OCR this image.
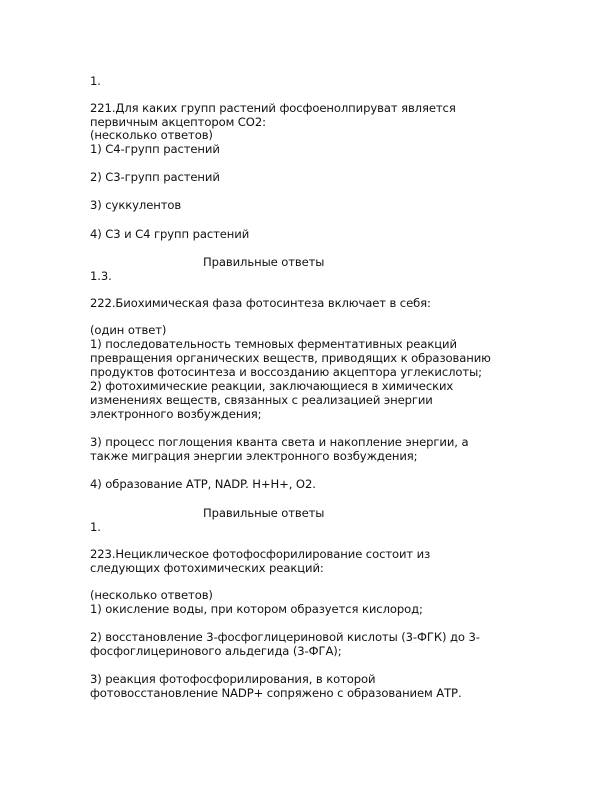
1.
221.Для каких групп растений фосфоенолпируват является
первичным акцептором СО2:
(несколько ответов)
1) С4-групп растений
2) С3-групп растений
3) суккулентов
4) С3 и С4 групп растений
Правильные ответы
1.3.
222.Биохимическая фаза фотосинтеза включает в себя:
(один ответ)
1) последовательность темновых ферментативных реакций
превращения органических веществ, приводящих к образованию
продуктов фотосинтеза и воссозданию акцептора углекислоты;
2) фотохимические реакции, заключающиеся в химических
изменениях веществ, связанных с реализацией энергии
электронного возбуждения;
3) процесс поглощения кванта света и накопление энергии, а
также миграция энергии электронного возбуждения;
4) образование АТР, NADP. Н+Н+, О2.
Правильные ответы
1.
223.Нециклическое фотофосфорилирование состоит из
следующих фотохимических реакций:
(несколько ответов)
1) окисление воды, при котором образуется кислород;
2) восстановление 3-фосфоглицериновой кислоты (3-ФГК) до 3-
фосфоглицеринового альдегида (3-ФГА);
3) реакция фотофосфорилирования, в которой
фотовосстановление NADP+ сопряжено с образованием АТР.
